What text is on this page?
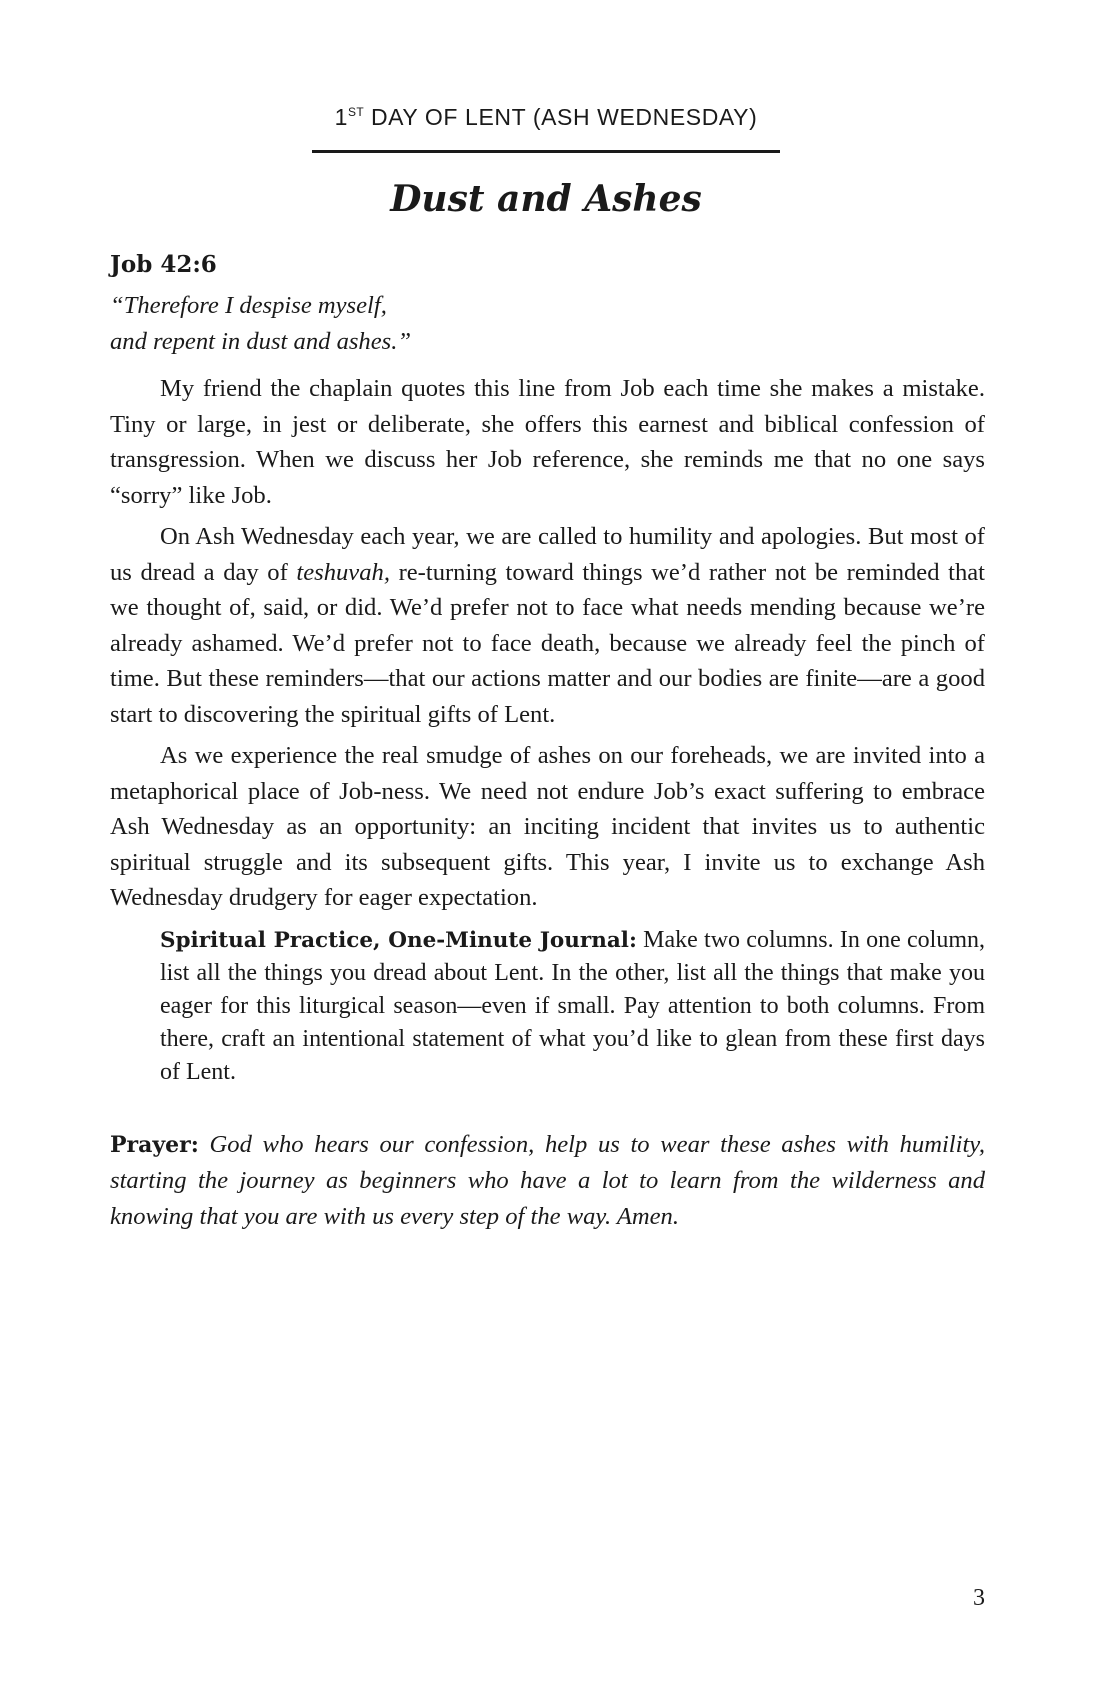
1ST DAY OF LENT (ASH WEDNESDAY)
Dust and Ashes

Job 42:6

“Therefore I despise myself,
and repent in dust and ashes.”

My friend the chaplain quotes this line from Job each time she makes a mistake. Tiny or large, in jest or deliberate, she offers this earnest and biblical confession of transgression. When we discuss her Job reference, she reminds me that no one says “sorry” like Job.

On Ash Wednesday each year, we are called to humility and apologies. But most of us dread a day of teshuvah, re-turning toward things we’d rather not be reminded that we thought of, said, or did. We’d prefer not to face what needs mending because we’re already ashamed. We’d prefer not to face death, because we already feel the pinch of time. But these reminders—that our actions matter and our bodies are finite—are a good start to discovering the spiritual gifts of Lent.

As we experience the real smudge of ashes on our foreheads, we are invited into a metaphorical place of Job-ness. We need not endure Job’s exact suffering to embrace Ash Wednesday as an opportunity: an inciting incident that invites us to authentic spiritual struggle and its subsequent gifts. This year, I invite us to exchange Ash Wednesday drudgery for eager expectation.

Spiritual Practice, One-Minute Journal: Make two columns. In one column, list all the things you dread about Lent. In the other, list all the things that make you eager for this liturgical season—even if small. Pay attention to both columns. From there, craft an intentional statement of what you’d like to glean from these first days of Lent.

Prayer: God who hears our confession, help us to wear these ashes with humility, starting the journey as beginners who have a lot to learn from the wilderness and knowing that you are with us every step of the way. Amen.

3
